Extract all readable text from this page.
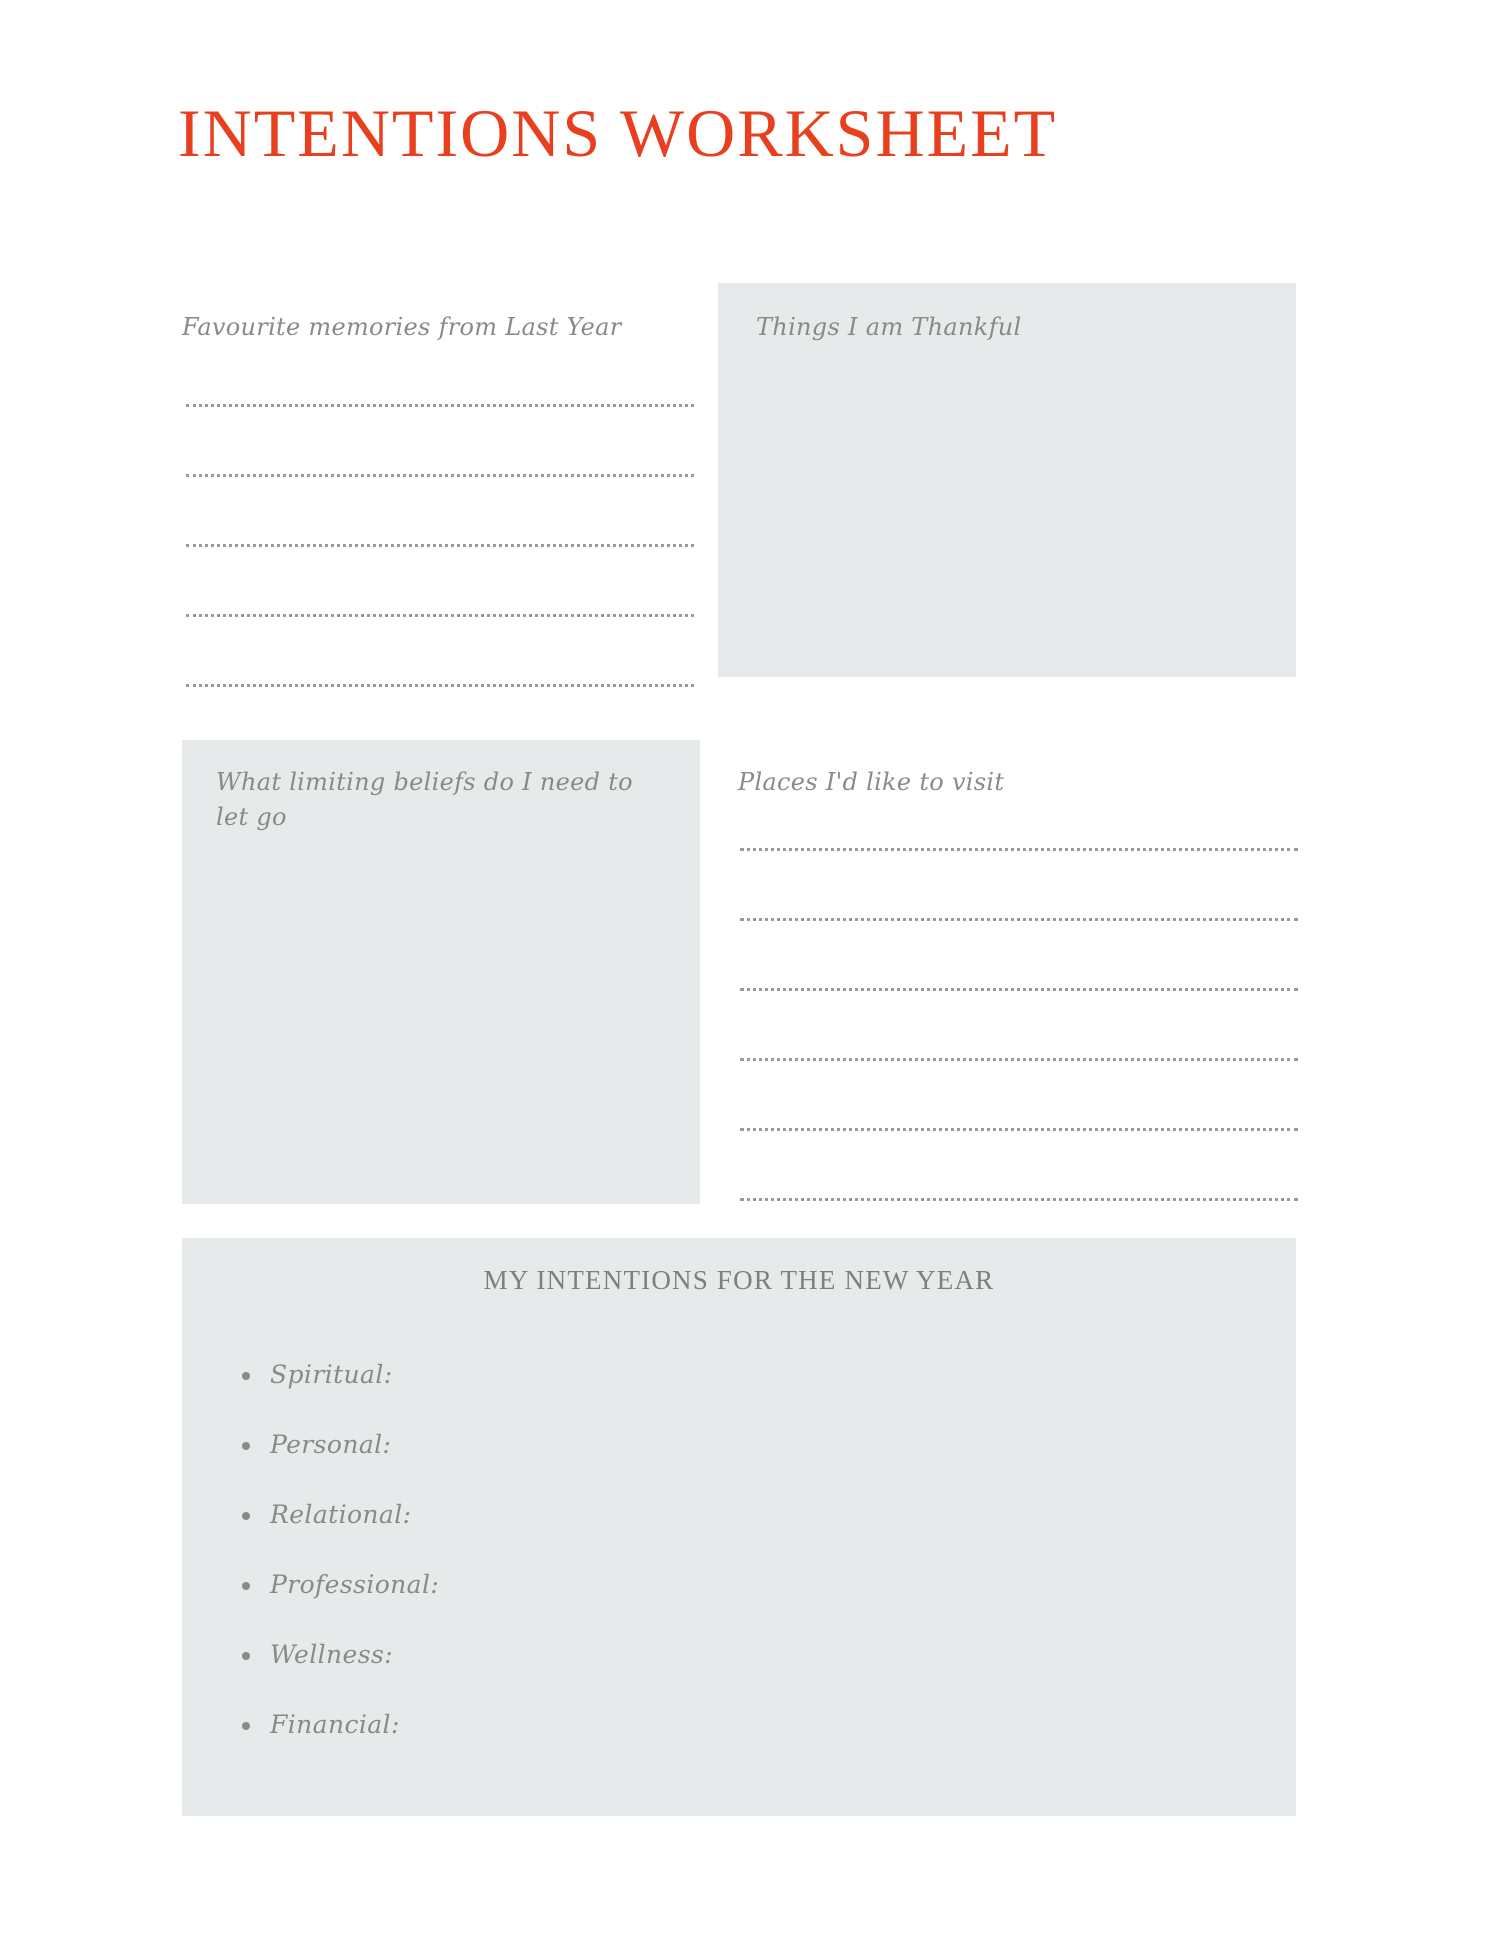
INTENTIONS WORKSHEET
Favourite memories from Last Year	Things I am Thankful
What limiting beliefs do I need to let go
Places I'd like to visit
MY INTENTIONS FOR THE NEW YEAR
Spiritual:
Personal:
Relational:
Professional:
Wellness:
Financial:
